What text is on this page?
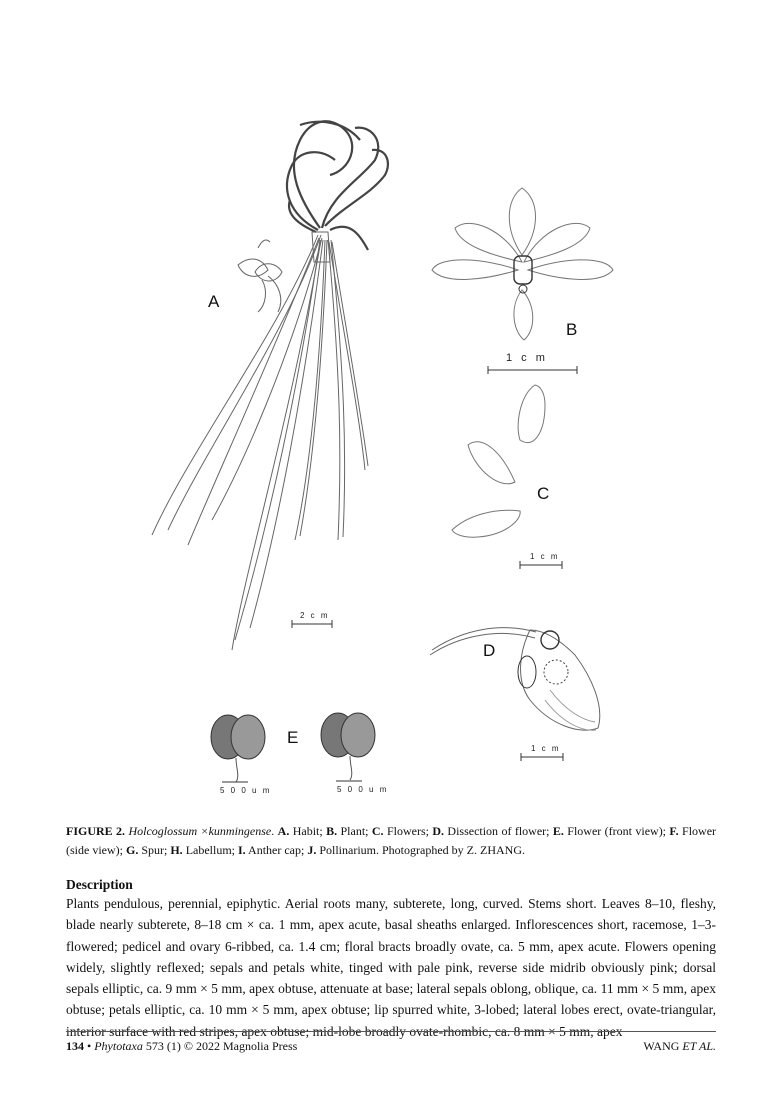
A
B
C
D
E
1 c m
2 c m
1 c m
1 c m
5 0 0 u m	5 0 0 u m
FIGURE 2. Holcoglossum ×kunmingense. A. Habit; B. Plant; C. Flowers; D. Dissection of flower; E. Flower (front view); F. Flower (side view); G. Spur; H. Labellum; I. Anther cap; J. Pollinarium. Photographed by Z. ZHANG.
Description
Plants pendulous, perennial, epiphytic. Aerial roots many, subterete, long, curved. Stems short. Leaves 8–10, fleshy, blade nearly subterete, 8–18 cm × ca. 1 mm, apex acute, basal sheaths enlarged. Inflorescences short, racemose, 1–3-flowered; pedicel and ovary 6-ribbed, ca. 1.4 cm; floral bracts broadly ovate, ca. 5 mm, apex acute. Flowers opening widely, slightly reflexed; sepals and petals white, tinged with pale pink, reverse side midrib obviously pink; dorsal sepals elliptic, ca. 9 mm × 5 mm, apex obtuse, attenuate at base; lateral sepals oblong, oblique, ca. 11 mm × 5 mm, apex obtuse; petals elliptic, ca. 10 mm × 5 mm, apex obtuse; lip spurred white, 3-lobed; lateral lobes erect, ovate-triangular, interior surface with red stripes, apex obtuse; mid-lobe broadly ovate-rhombic, ca. 8 mm × 5 mm, apex
134 • Phytotaxa 573 (1) © 2022 Magnolia Press	WANG ET AL.
